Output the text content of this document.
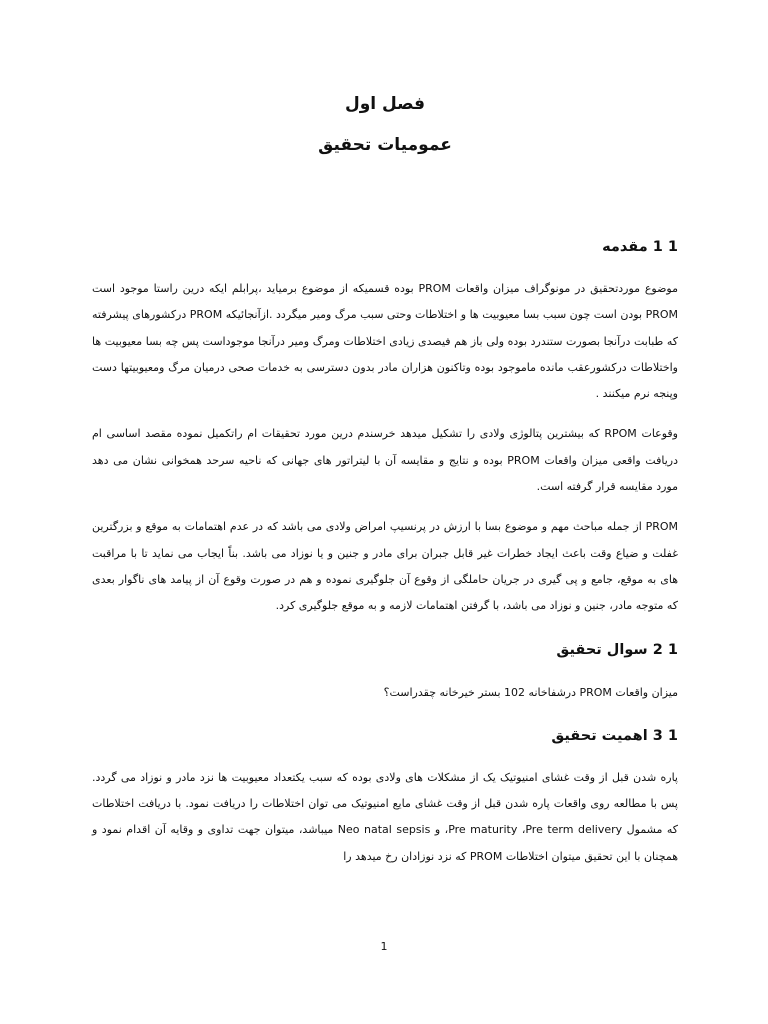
فصل اول
عمومیات تحقیق
1 1 مقدمه

موضوع موردتحقیق در مونوگراف میزان واقعات PROM بوده قسمیکه از موضوع برمیاید ،پرابلم ایکه درین راستا موجود است PROM بودن است چون سبب بسا معیوبیت ها و اختلاطات وحتی سبب مرگ ومیر میگردد .ازآنجائیکه PROM درکشورهای پیشرفته که طبابت درآنجا بصورت ستندرد بوده ولی باز هم فیصدی زیادی اختلاطات ومرگ ومیر درآنجا موجوداست پس چه بسا معیوبیت ها واختلاطات درکشورعقب مانده ماموجود بوده وتاکنون هزاران مادر بدون دسترسی به خدمات صحی درمیان مرگ ومعیوبیتها دست وپنجه نرم میکنند .

وقوعات RPOM که بیشترین پتالوژی ولادی را تشکیل میدهد خرسندم درین مورد تحقیقات ام راتکمیل نموده مقصد اساسی ام دریافت واقعی میزان واقعات PROM بوده و نتایج و مقایسه آن با لیتراتور های جهانی که ناحیه سرحد همخوانی نشان می دهد مورد مقایسه قرار گرفته است.

PROM از جمله مباحث مهم و موضوع بسا با ارزش در پرنسیپ امراض ولادی می باشد که در عدم اهتمامات به موقع و بزرگترین غفلت و ضیاع وقت باعث ایجاد خطرات غیر قابل جبران برای مادر و جنین و یا نوزاد می باشد. بناًَ ایجاب می نماید تا با مراقبت های به موقع، جامع و پی گیری در جریان حاملگی از وقوع آن جلوگیری نموده و هم در صورت وقوع آن از پیامد های ناگوار بعدی که متوجه مادر، جنین و نوزاد می باشد، با گرفتن اهتمامات لازمه و به موقع جلوگیری کرد.

1 2 سوال تحقیق

میزان واقعات PROM درشفاخانه 102 بستر خیرخانه چقدراست؟

1 3 اهمیت تحقیق

پاره شدن قبل از وقت غشای امنیوتیک یک از مشکلات های ولادی بوده که سبب یکتعداد معیوبیت ها نزد مادر و نوزاد می گردد. پس با مطالعه روی واقعات پاره شدن قبل از وقت غشای مایع امنیوتیک می توان اختلاطات را دریافت نمود. با دریافت اختلاطات که مشمول Pre maturity ،Pre term delivery، و Neo natal sepsis میباشد، میتوان جهت تداوی و وقایه آن اقدام نمود و همچنان با این تحقیق میتوان اختلاطات PROM که نزد نوزادان رخ میدهد را

1
